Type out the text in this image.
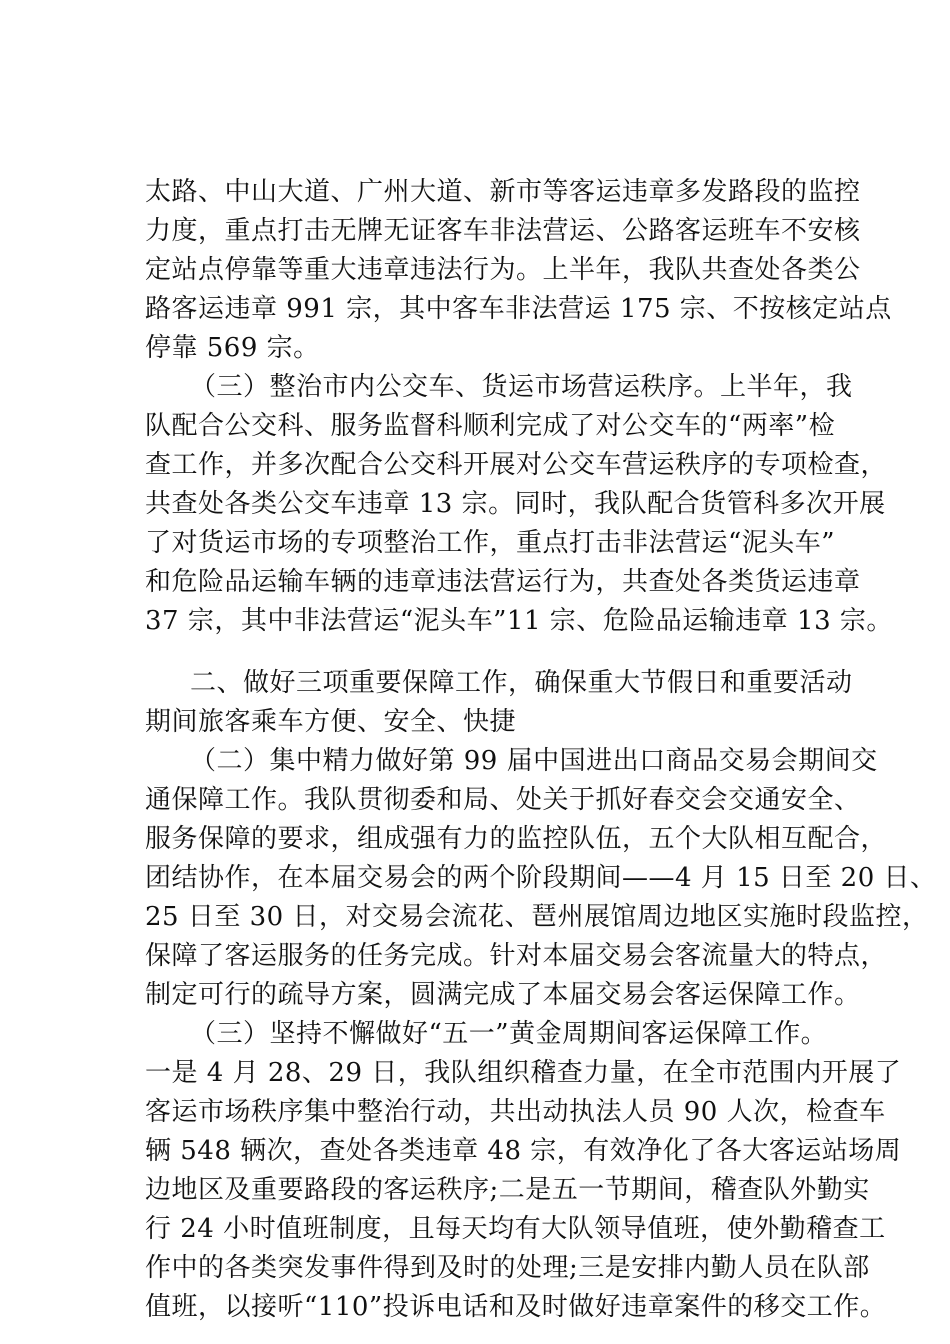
太路、中山大道、广州大道、新市等客运违章多发路段的监控
力度，重点打击无牌无证客车非法营运、公路客运班车不安核
定站点停靠等重大违章违法行为。上半年，我队共查处各类公
路客运违章 991 宗，其中客车非法营运 175 宗、不按核定站点
停靠 569 宗。
（三）整治市内公交车、货运市场营运秩序。上半年，我
队配合公交科、服务监督科顺利完成了对公交车的“两率”检
查工作，并多次配合公交科开展对公交车营运秩序的专项检查，
共查处各类公交车违章 13 宗。同时，我队配合货管科多次开展
了对货运市场的专项整治工作，重点打击非法营运“泥头车”
和危险品运输车辆的违章违法营运行为，共查处各类货运违章
37 宗，其中非法营运“泥头车”11 宗、危险品运输违章 13 宗。
二、做好三项重要保障工作，确保重大节假日和重要活动
期间旅客乘车方便、安全、快捷
（二）集中精力做好第 99 届中国进出口商品交易会期间交
通保障工作。我队贯彻委和局、处关于抓好春交会交通安全、
服务保障的要求，组成强有力的监控队伍，五个大队相互配合，
团结协作，在本届交易会的两个阶段期间——4 月 15 日至 20 日、
25 日至 30 日，对交易会流花、琶州展馆周边地区实施时段监控，
保障了客运服务的任务完成。针对本届交易会客流量大的特点，
制定可行的疏导方案，圆满完成了本届交易会客运保障工作。
（三）坚持不懈做好“五一”黄金周期间客运保障工作。
一是 4 月 28、29 日，我队组织稽查力量，在全市范围内开展了
客运市场秩序集中整治行动，共出动执法人员 90 人次，检查车
辆 548 辆次，查处各类违章 48 宗，有效净化了各大客运站场周
边地区及重要路段的客运秩序;二是五一节期间，稽查队外勤实
行 24 小时值班制度，且每天均有大队领导值班，使外勤稽查工
作中的各类突发事件得到及时的处理;三是安排内勤人员在队部
值班，以接听“110”投诉电话和及时做好违章案件的移交工作。
